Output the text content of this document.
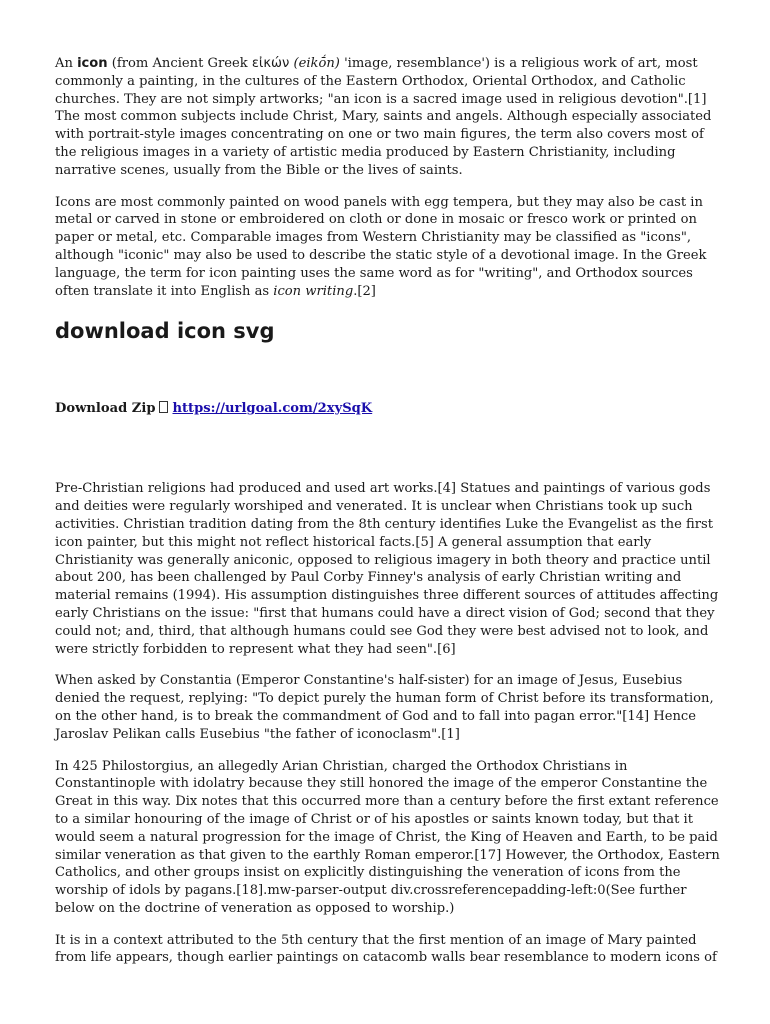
An icon (from Ancient Greek εἰκών (eikṓn) 'image, resemblance') is a religious work of art, most commonly a painting, in the cultures of the Eastern Orthodox, Oriental Orthodox, and Catholic churches. They are not simply artworks; "an icon is a sacred image used in religious devotion".[1] The most common subjects include Christ, Mary, saints and angels. Although especially associated with portrait-style images concentrating on one or two main figures, the term also covers most of the religious images in a variety of artistic media produced by Eastern Christianity, including narrative scenes, usually from the Bible or the lives of saints.

Icons are most commonly painted on wood panels with egg tempera, but they may also be cast in metal or carved in stone or embroidered on cloth or done in mosaic or fresco work or printed on paper or metal, etc. Comparable images from Western Christianity may be classified as "icons", although "iconic" may also be used to describe the static style of a devotional image. In the Greek language, the term for icon painting uses the same word as for "writing", and Orthodox sources often translate it into English as icon writing.[2]

download icon svg
Download Zip https://urlgoal.com/2xySqK

Pre-Christian religions had produced and used art works.[4] Statues and paintings of various gods and deities were regularly worshiped and venerated. It is unclear when Christians took up such activities. Christian tradition dating from the 8th century identifies Luke the Evangelist as the first icon painter, but this might not reflect historical facts.[5] A general assumption that early Christianity was generally aniconic, opposed to religious imagery in both theory and practice until about 200, has been challenged by Paul Corby Finney's analysis of early Christian writing and material remains (1994). His assumption distinguishes three different sources of attitudes affecting early Christians on the issue: "first that humans could have a direct vision of God; second that they could not; and, third, that although humans could see God they were best advised not to look, and were strictly forbidden to represent what they had seen".[6]

When asked by Constantia (Emperor Constantine's half-sister) for an image of Jesus, Eusebius denied the request, replying: "To depict purely the human form of Christ before its transformation, on the other hand, is to break the commandment of God and to fall into pagan error."[14] Hence Jaroslav Pelikan calls Eusebius "the father of iconoclasm".[1]

In 425 Philostorgius, an allegedly Arian Christian, charged the Orthodox Christians in Constantinople with idolatry because they still honored the image of the emperor Constantine the Great in this way. Dix notes that this occurred more than a century before the first extant reference to a similar honouring of the image of Christ or of his apostles or saints known today, but that it would seem a natural progression for the image of Christ, the King of Heaven and Earth, to be paid similar veneration as that given to the earthly Roman emperor.[17] However, the Orthodox, Eastern Catholics, and other groups insist on explicitly distinguishing the veneration of icons from the worship of idols by pagans.[18].mw-parser-output div.crossreferencepadding-left:0(See further below on the doctrine of veneration as opposed to worship.)

It is in a context attributed to the 5th century that the first mention of an image of Mary painted from life appears, though earlier paintings on catacomb walls bear resemblance to modern icons of
